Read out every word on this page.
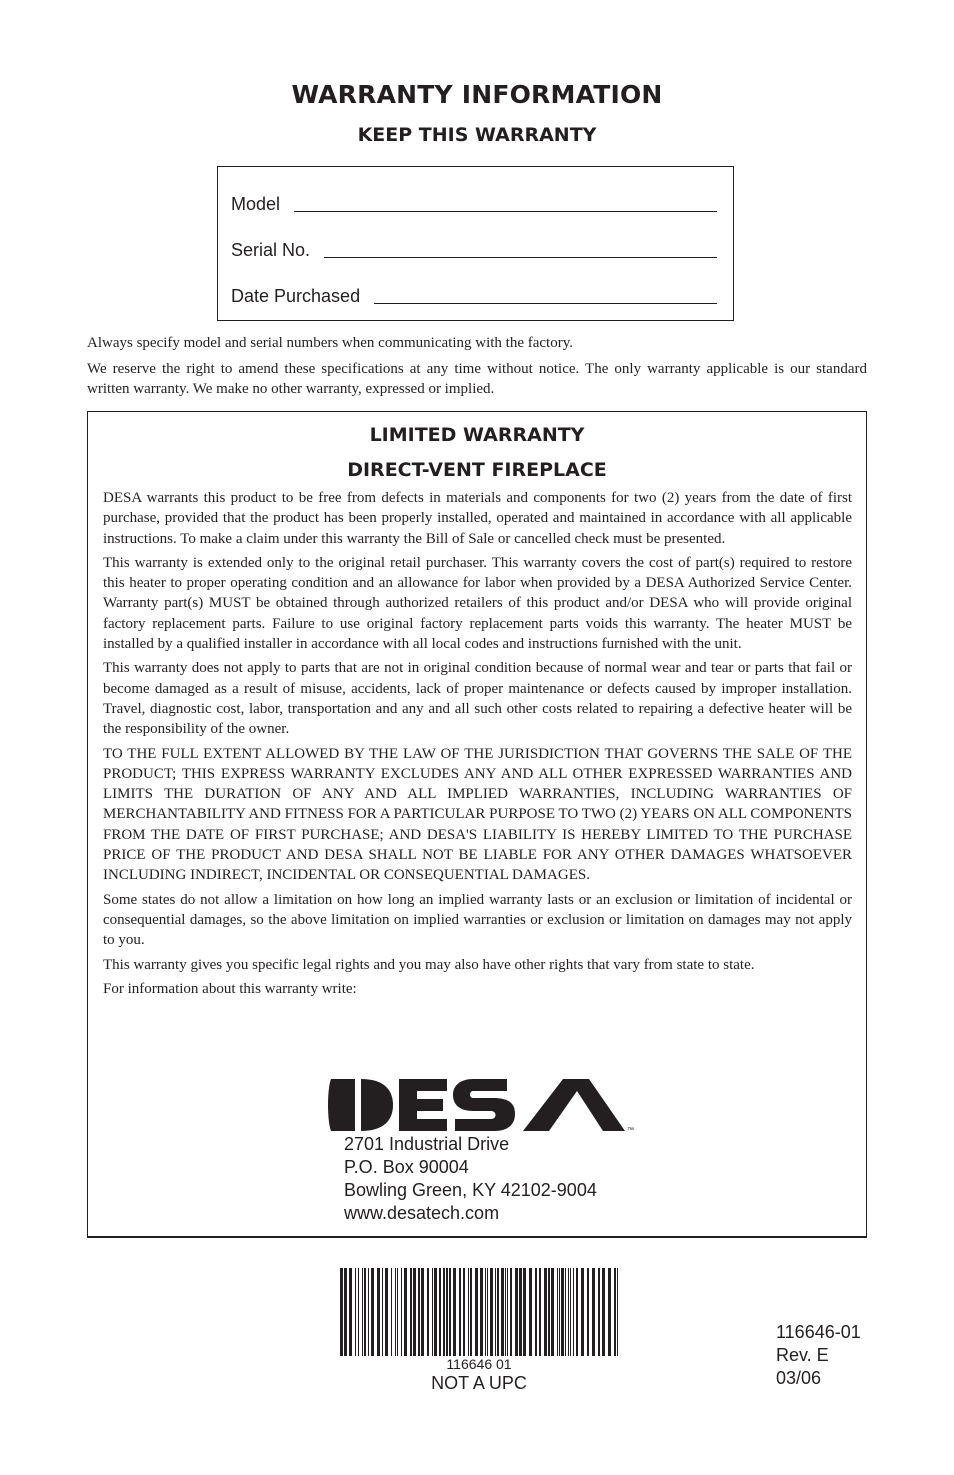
WARRANTY INFORMATION
KEEP THIS WARRANTY
Model
Serial No.
Date Purchased
Always specify model and serial numbers when communicating with the factory.
We reserve the right to amend these specifications at any time without notice. The only warranty applicable is our standard written warranty. We make no other warranty, expressed or implied.
LIMITED WARRANTY
DIRECT-VENT FIREPLACE

DESA warrants this product to be free from defects in materials and components for two (2) years from the date of first purchase, provided that the product has been properly installed, operated and maintained in accordance with all applicable instructions. To make a claim under this warranty the Bill of Sale or cancelled check must be presented.

This warranty is extended only to the original retail purchaser. This warranty covers the cost of part(s) required to restore this heater to proper operating condition and an allowance for labor when provided by a DESA Authorized Service Center. Warranty part(s) MUST be obtained through authorized retailers of this product and/or DESA who will provide original factory replacement parts. Failure to use original factory replacement parts voids this warranty. The heater MUST be installed by a qualified installer in accordance with all local codes and instructions furnished with the unit.

This warranty does not apply to parts that are not in original condition because of normal wear and tear or parts that fail or become damaged as a result of misuse, accidents, lack of proper maintenance or defects caused by improper installation. Travel, diagnostic cost, labor, transportation and any and all such other costs related to repairing a defective heater will be the responsibility of the owner.

TO THE FULL EXTENT ALLOWED BY THE LAW OF THE JURISDICTION THAT GOVERNS THE SALE OF THE PRODUCT; THIS EXPRESS WARRANTY EXCLUDES ANY AND ALL OTHER EXPRESSED WARRANTIES AND LIMITS THE DURATION OF ANY AND ALL IMPLIED WARRANTIES, INCLUDING WARRANTIES OF MERCHANTABILITY AND FITNESS FOR A PARTICULAR PURPOSE TO TWO (2) YEARS ON ALL COMPONENTS FROM THE DATE OF FIRST PURCHASE; AND DESA'S LIABILITY IS HEREBY LIMITED TO THE PURCHASE PRICE OF THE PRODUCT AND DESA SHALL NOT BE LIABLE FOR ANY OTHER DAMAGES WHATSOEVER INCLUDING INDIRECT, INCIDENTAL OR CONSEQUENTIAL DAMAGES.

Some states do not allow a limitation on how long an implied warranty lasts or an exclusion or limitation of incidental or consequential damages, so the above limitation on implied warranties or exclusion or limitation on damages may not apply to you.

This warranty gives you specific legal rights and you may also have other rights that vary from state to state.

For information about this warranty write:

™
2701 Industrial Drive
P.O. Box 90004
Bowling Green, KY 42102-9004
www.desatech.com
116646 01
NOT A UPC
116646-01
Rev. E
03/06
